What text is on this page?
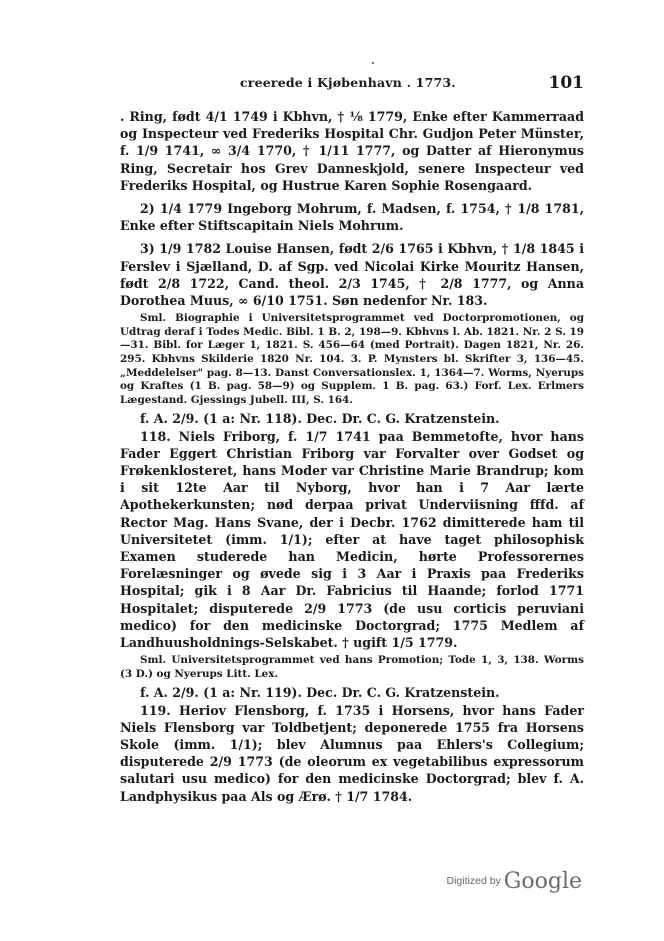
creerede i Kjøbenhavn . 1773.	101

. Ring, født 4/1 1749 i Kbhvn, † ⅛ 1779, Enke efter Kammerraad og Inspecteur ved Frederiks Hospital Chr. Gudjon Peter Münster, f. 1/9 1741, ∞ 3/4 1770, † 1/11 1777, og Datter af Hieronymus Ring, Secretair hos Grev Danneskjold, senere Inspecteur ved Frederiks Hospital, og Hustrue Karen Sophie Rosengaard.

2) 1/4 1779 Ingeborg Mohrum, f. Madsen, f. 1754, † 1/8 1781, Enke efter Stiftscapitain Niels Mohrum.

3) 1/9 1782 Louise Hansen, født 2/6 1765 i Kbhvn, † 1/8 1845 i Ferslev i Sjælland, D. af Sgp. ved Nicolai Kirke Mouritz Hansen, født 2/8 1722, Cand. theol. 2/3 1745, † 2/8 1777, og Anna Dorothea Muus, ∞ 6/10 1751. Søn nedenfor Nr. 183.

Sml. Biographie i Universitetsprogrammet ved Doctorpromotionen, og Udtrag deraf i Todes Medic. Bibl. 1 B. 2, 198—9. Kbhvns l. Ab. 1821. Nr. 2 S. 19—31. Bibl. for Læger 1, 1821. S. 456—64 (med Portrait). Dagen 1821, Nr. 26. 295. Kbhvns Skilderie 1820 Nr. 104. 3. P. Mynsters bl. Skrifter 3, 136—45. „Meddelelser" pag. 8—13. Danst Conversationslex. 1, 1364—7. Worms, Nyerups og Kraftes (1 B. pag. 58—9) og Supplem. 1 B. pag. 63.) Forf. Lex. Erlmers Lægestand. Gjessings Jubell. III, S. 164.

f. A. 2/9. (1 a: Nr. 118). Dec. Dr. C. G. Kratzenstein.

118. Niels Friborg, f. 1/7 1741 paa Bemmetofte, hvor hans Fader Eggert Christian Friborg var Forvalter over Godset og Frøkenklosteret, hans Moder var Christine Marie Brandrup; kom i sit 12te Aar til Nyborg, hvor han i 7 Aar lærte Apothekerkunsten; nød derpaa privat Underviisning fffd. af Rector Mag. Hans Svane, der i Decbr. 1762 dimitterede ham til Universitetet (imm. 1/1); efter at have taget philosophisk Examen studerede han Medicin, hørte Professorernes Forelæsninger og øvede sig i 3 Aar i Praxis paa Frederiks Hospital; gik i 8 Aar Dr. Fabricius til Haande; forlod 1771 Hospitalet; disputerede 2/9 1773 (de usu corticis peruviani medico) for den medicinske Doctorgrad; 1775 Medlem af Landhuusholdnings-Selskabet. † ugift 1/5 1779.

Sml. Universitetsprogrammet ved hans Promotion; Tode 1, 3, 138. Worms (3 D.) og Nyerups Litt. Lex.

f. A. 2/9. (1 a: Nr. 119). Dec. Dr. C. G. Kratzenstein.

119. Heriov Flensborg, f. 1735 i Horsens, hvor hans Fader Niels Flensborg var Toldbetjent; deponerede 1755 fra Horsens Skole (imm. 1/1); blev Alumnus paa Ehlers's Collegium; disputerede 2/9 1773 (de oleorum ex vegetabilibus expressorum salutari usu medico) for den medicinske Doctorgrad; blev f. A. Landphysikus paa Als og Ærø. † 1/7 1784.

$^{Digitized by}$ Google
